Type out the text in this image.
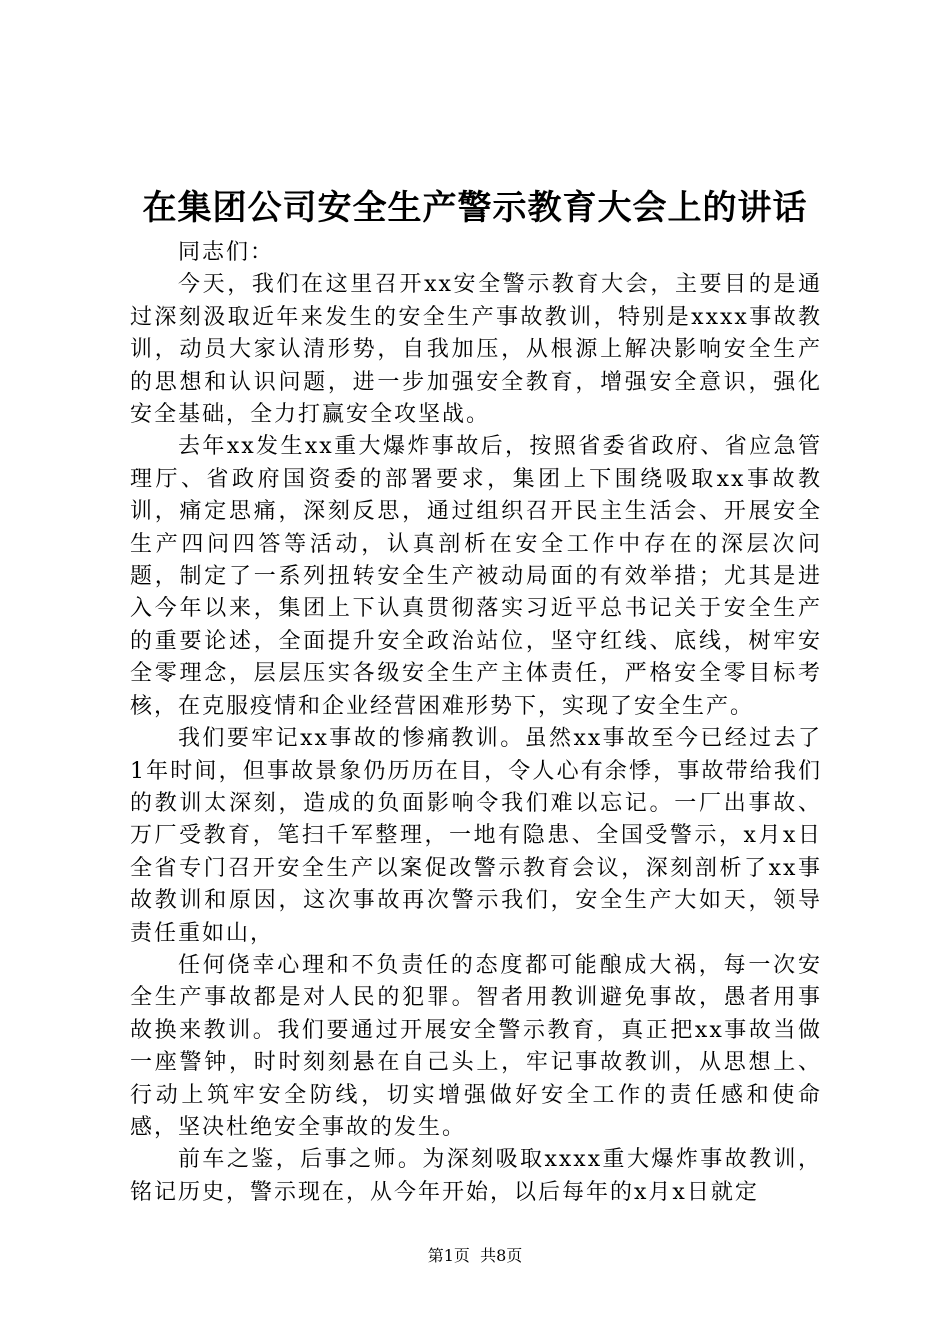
在集团公司安全生产警示教育大会上的讲话

同志们：

今天，我们在这里召开xx安全警示教育大会，主要目的是通过深刻汲取近年来发生的安全生产事故教训，特别是xxxx事故教训，动员大家认清形势，自我加压，从根源上解决影响安全生产的思想和认识问题，进一步加强安全教育，增强安全意识，强化安全基础，全力打赢安全攻坚战。

去年xx发生xx重大爆炸事故后，按照省委省政府、省应急管理厅、省政府国资委的部署要求，集团上下围绕吸取xx事故教训，痛定思痛，深刻反思，通过组织召开民主生活会、开展安全生产四问四答等活动，认真剖析在安全工作中存在的深层次问题，制定了一系列扭转安全生产被动局面的有效举措；尤其是进入今年以来，集团上下认真贯彻落实习近平总书记关于安全生产的重要论述，全面提升安全政治站位，坚守红线、底线，树牢安全零理念，层层压实各级安全生产主体责任，严格安全零目标考核，在克服疫情和企业经营困难形势下，实现了安全生产。

我们要牢记xx事故的惨痛教训。虽然xx事故至今已经过去了1年时间，但事故景象仍历历在目，令人心有余悸，事故带给我们的教训太深刻，造成的负面影响令我们难以忘记。一厂出事故、万厂受教育，笔扫千军整理，一地有隐患、全国受警示，x月x日全省专门召开安全生产以案促改警示教育会议，深刻剖析了xx事故教训和原因，这次事故再次警示我们，安全生产大如天，领导责任重如山，

任何侥幸心理和不负责任的态度都可能酿成大祸，每一次安全生产事故都是对人民的犯罪。智者用教训避免事故，愚者用事故换来教训。我们要通过开展安全警示教育，真正把xx事故当做一座警钟，时时刻刻悬在自己头上，牢记事故教训，从思想上、行动上筑牢安全防线，切实增强做好安全工作的责任感和使命感，坚决杜绝安全事故的发生。

前车之鉴，后事之师。为深刻吸取xxxx重大爆炸事故教训，铭记历史，警示现在，从今年开始，以后每年的x月x日就定

第1页  共8页
